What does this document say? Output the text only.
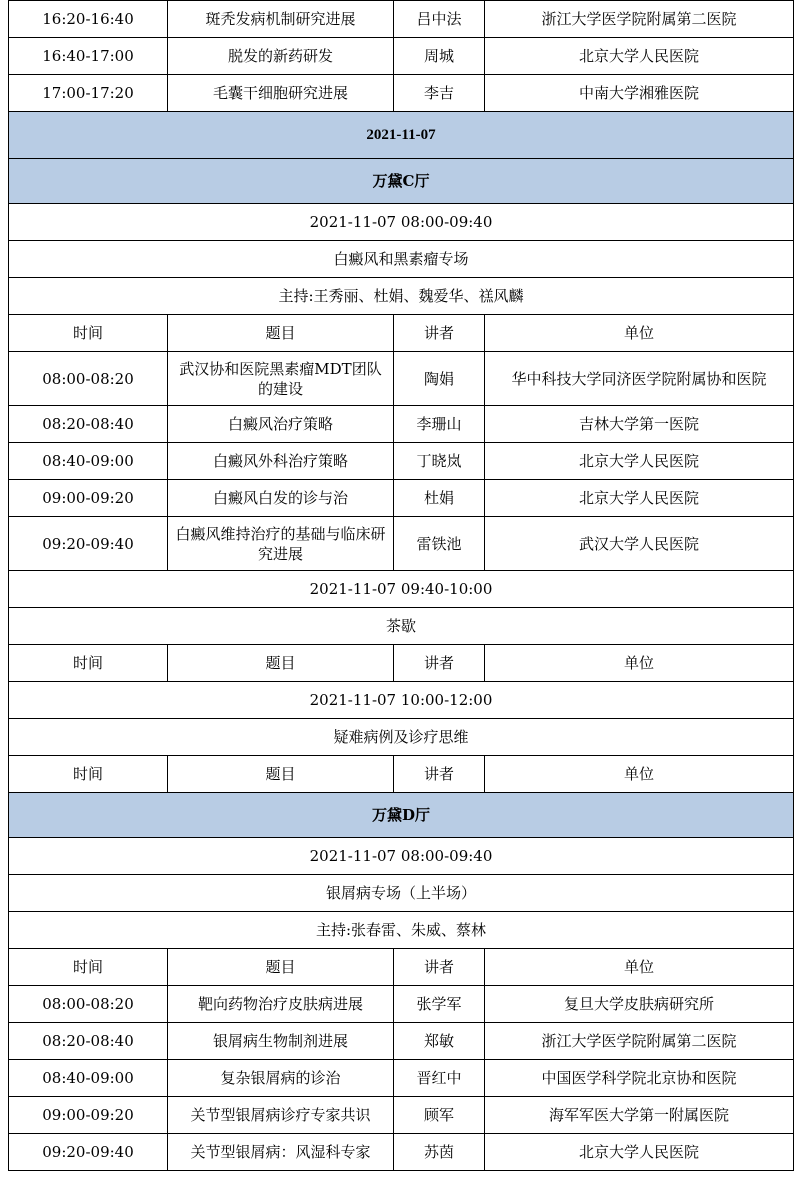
16:20-16:40	斑秃发病机制研究进展	吕中法	浙江大学医学院附属第二医院
16:40-17:00	脱发的新药研发	周城	北京大学人民医院
17:00-17:20	毛囊干细胞研究进展	李吉	中南大学湘雅医院
2021-11-07			
万黛C厅			
2021-11-07 08:00-09:40			
白癜风和黑素瘤专场			
主持:王秀丽、杜娟、魏爱华、禚风麟			
时间	题目	讲者	单位
08:00-08:20	武汉协和医院黑素瘤MDT团队的建设	陶娟	华中科技大学同济医学院附属协和医院
08:20-08:40	白癜风治疗策略	李珊山	吉林大学第一医院
08:40-09:00	白癜风外科治疗策略	丁晓岚	北京大学人民医院
09:00-09:20	白癜风白发的诊与治	杜娟	北京大学人民医院
09:20-09:40	白癜风维持治疗的基础与临床研究进展	雷铁池	武汉大学人民医院
2021-11-07 09:40-10:00			
茶歇			
时间	题目	讲者	单位
2021-11-07 10:00-12:00			
疑难病例及诊疗思维			
时间	题目	讲者	单位
万黛D厅			
2021-11-07 08:00-09:40			
银屑病专场（上半场）			
主持:张春雷、朱威、蔡林			
时间	题目	讲者	单位
08:00-08:20	靶向药物治疗皮肤病进展	张学军	复旦大学皮肤病研究所
08:20-08:40	银屑病生物制剂进展	郑敏	浙江大学医学院附属第二医院
08:40-09:00	复杂银屑病的诊治	晋红中	中国医学科学院北京协和医院
09:00-09:20	关节型银屑病诊疗专家共识	顾军	海军军医大学第一附属医院
09:20-09:40	关节型银屑病：风湿科专家	苏茵	北京大学人民医院
